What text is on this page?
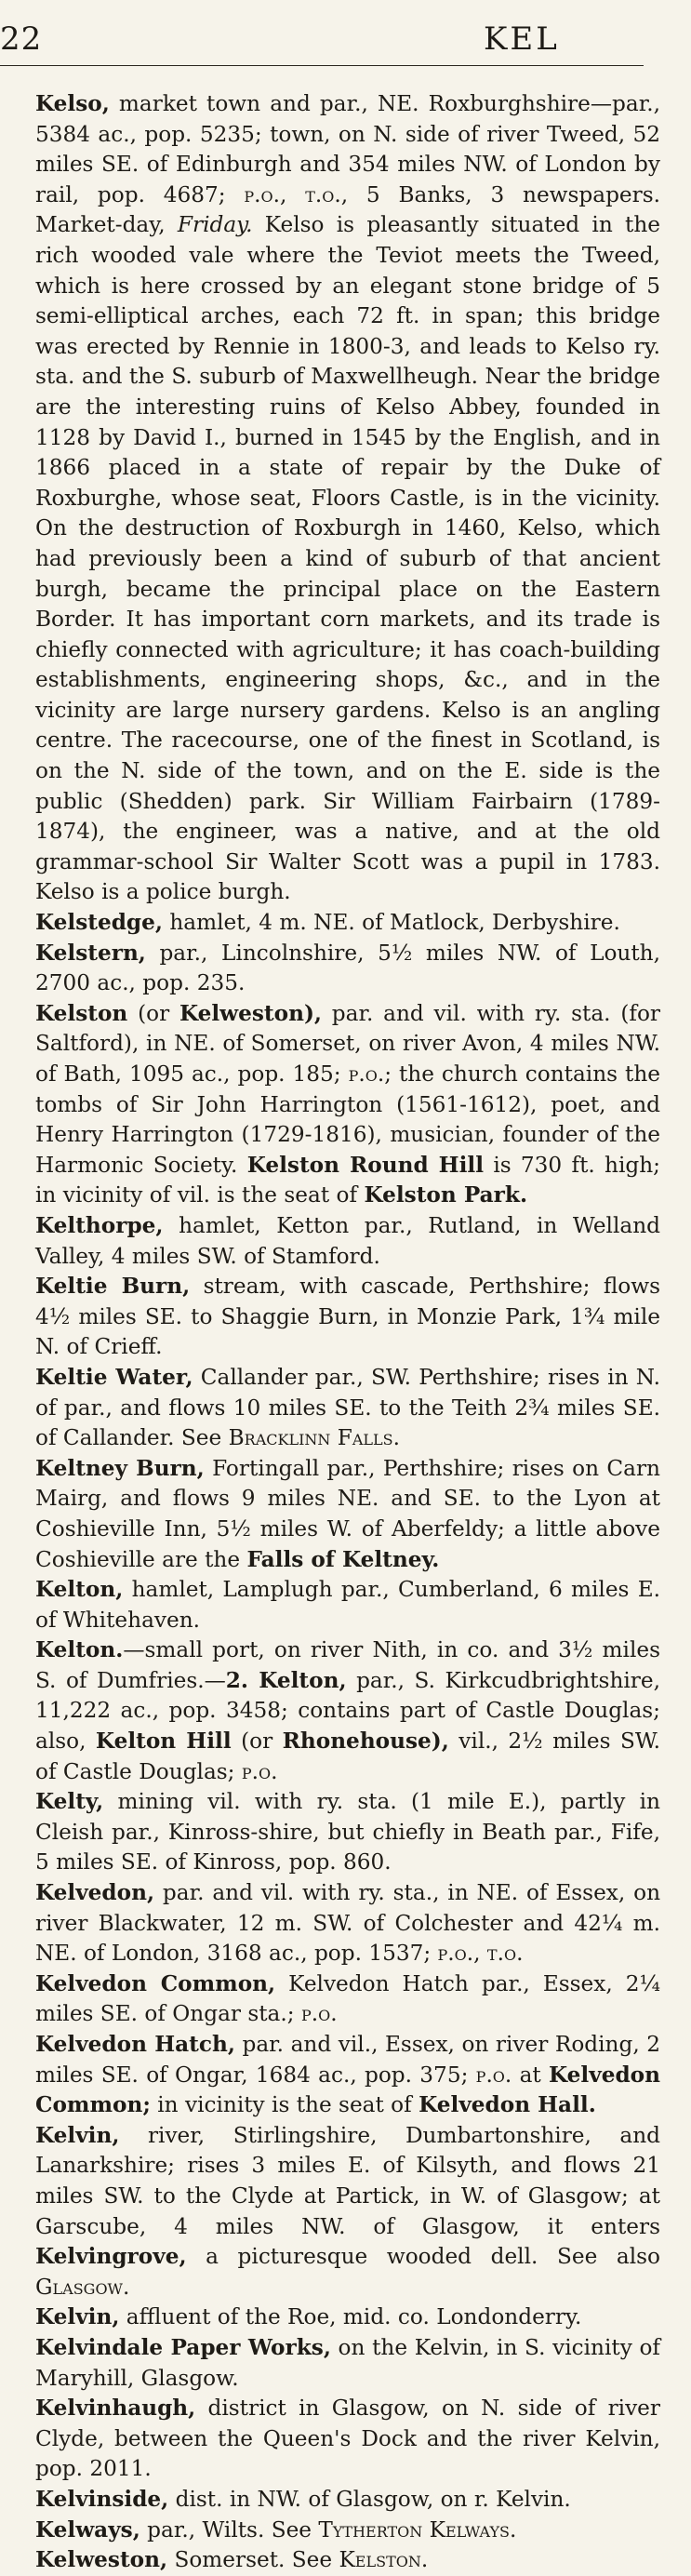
22	KEL

Kelso, market town and par., NE. Roxburghshire—par., 5384 ac., pop. 5235; town, on N. side of river Tweed, 52 miles SE. of Edinburgh and 354 miles NW. of London by rail, pop. 4687; p.o., t.o., 5 Banks, 3 newspapers. Market-day, Friday. Kelso is pleasantly situated in the rich wooded vale where the Teviot meets the Tweed, which is here crossed by an elegant stone bridge of 5 semi-elliptical arches, each 72 ft. in span; this bridge was erected by Rennie in 1800-3, and leads to Kelso ry. sta. and the S. suburb of Maxwellheugh. Near the bridge are the interesting ruins of Kelso Abbey, founded in 1128 by David I., burned in 1545 by the English, and in 1866 placed in a state of repair by the Duke of Roxburghe, whose seat, Floors Castle, is in the vicinity. On the destruction of Roxburgh in 1460, Kelso, which had previously been a kind of suburb of that ancient burgh, became the principal place on the Eastern Border. It has important corn markets, and its trade is chiefly connected with agriculture; it has coach-building establishments, engineering shops, &c., and in the vicinity are large nursery gardens. Kelso is an angling centre. The racecourse, one of the finest in Scotland, is on the N. side of the town, and on the E. side is the public (Shedden) park. Sir William Fairbairn (1789-1874), the engineer, was a native, and at the old grammar-school Sir Walter Scott was a pupil in 1783. Kelso is a police burgh.

Kelstedge, hamlet, 4 m. NE. of Matlock, Derbyshire.

Kelstern, par., Lincolnshire, 5½ miles NW. of Louth, 2700 ac., pop. 235.

Kelston (or Kelweston), par. and vil. with ry. sta. (for Saltford), in NE. of Somerset, on river Avon, 4 miles NW. of Bath, 1095 ac., pop. 185; p.o.; the church contains the tombs of Sir John Harrington (1561-1612), poet, and Henry Harrington (1729-1816), musician, founder of the Harmonic Society. Kelston Round Hill is 730 ft. high; in vicinity of vil. is the seat of Kelston Park.

Kelthorpe, hamlet, Ketton par., Rutland, in Welland Valley, 4 miles SW. of Stamford.

Keltie Burn, stream, with cascade, Perthshire; flows 4½ miles SE. to Shaggie Burn, in Monzie Park, 1¾ mile N. of Crieff.

Keltie Water, Callander par., SW. Perthshire; rises in N. of par., and flows 10 miles SE. to the Teith 2¾ miles SE. of Callander. See Bracklinn Falls.

Keltney Burn, Fortingall par., Perthshire; rises on Carn Mairg, and flows 9 miles NE. and SE. to the Lyon at Coshieville Inn, 5½ miles W. of Aberfeldy; a little above Coshieville are the Falls of Keltney.

Kelton, hamlet, Lamplugh par., Cumberland, 6 miles E. of Whitehaven.

Kelton.—small port, on river Nith, in co. and 3½ miles S. of Dumfries.—2. Kelton, par., S. Kirkcudbrightshire, 11,222 ac., pop. 3458; contains part of Castle Douglas; also, Kelton Hill (or Rhonehouse), vil., 2½ miles SW. of Castle Douglas; p.o.

Kelty, mining vil. with ry. sta. (1 mile E.), partly in Cleish par., Kinross-shire, but chiefly in Beath par., Fife, 5 miles SE. of Kinross, pop. 860.

Kelvedon, par. and vil. with ry. sta., in NE. of Essex, on river Blackwater, 12 m. SW. of Colchester and 42¼ m. NE. of London, 3168 ac., pop. 1537; p.o., t.o.

Kelvedon Common, Kelvedon Hatch par., Essex, 2¼ miles SE. of Ongar sta.; p.o.

Kelvedon Hatch, par. and vil., Essex, on river Roding, 2 miles SE. of Ongar, 1684 ac., pop. 375; p.o. at Kelvedon Common; in vicinity is the seat of Kelvedon Hall.

Kelvin, river, Stirlingshire, Dumbartonshire, and Lanarkshire; rises 3 miles E. of Kilsyth, and flows 21 miles SW. to the Clyde at Partick, in W. of Glasgow; at Garscube, 4 miles NW. of Glasgow, it enters Kelvingrove, a picturesque wooded dell. See also Glasgow.

Kelvin, affluent of the Roe, mid. co. Londonderry.

Kelvindale Paper Works, on the Kelvin, in S. vicinity of Maryhill, Glasgow.

Kelvinhaugh, district in Glasgow, on N. side of river Clyde, between the Queen's Dock and the river Kelvin, pop. 2011.

Kelvinside, dist. in NW. of Glasgow, on r. Kelvin.

Kelways, par., Wilts. See Tytherton Kelways.

Kelweston, Somerset. See Kelston.
